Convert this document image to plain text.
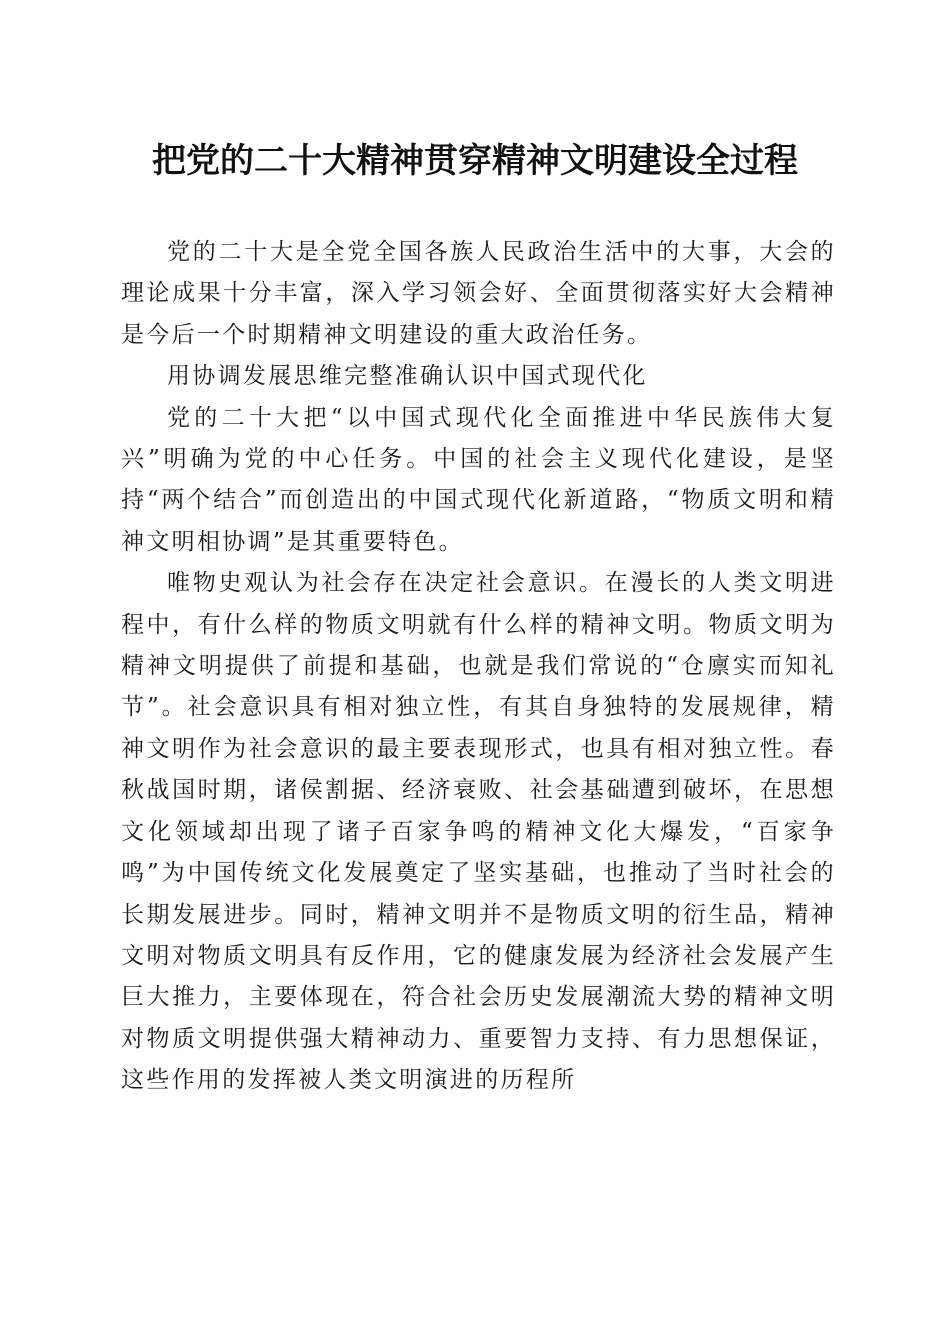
把党的二十大精神贯穿精神文明建设全过程

党的二十大是全党全国各族人民政治生活中的大事，大会的理论成果十分丰富，深入学习领会好、全面贯彻落实好大会精神是今后一个时期精神文明建设的重大政治任务。

用协调发展思维完整准确认识中国式现代化

党的二十大把“以中国式现代化全面推进中华民族伟大复兴”明确为党的中心任务。中国的社会主义现代化建设，是坚持“两个结合”而创造出的中国式现代化新道路，“物质文明和精神文明相协调”是其重要特色。

唯物史观认为社会存在决定社会意识。在漫长的人类文明进程中，有什么样的物质文明就有什么样的精神文明。物质文明为精神文明提供了前提和基础，也就是我们常说的“仓廪实而知礼节”。社会意识具有相对独立性，有其自身独特的发展规律，精神文明作为社会意识的最主要表现形式，也具有相对独立性。春秋战国时期，诸侯割据、经济衰败、社会基础遭到破坏，在思想文化领域却出现了诸子百家争鸣的精神文化大爆发，“百家争鸣”为中国传统文化发展奠定了坚实基础，也推动了当时社会的长期发展进步。同时，精神文明并不是物质文明的衍生品，精神文明对物质文明具有反作用，它的健康发展为经济社会发展产生巨大推力，主要体现在，符合社会历史发展潮流大势的精神文明对物质文明提供强大精神动力、重要智力支持、有力思想保证，这些作用的发挥被人类文明演进的历程所
